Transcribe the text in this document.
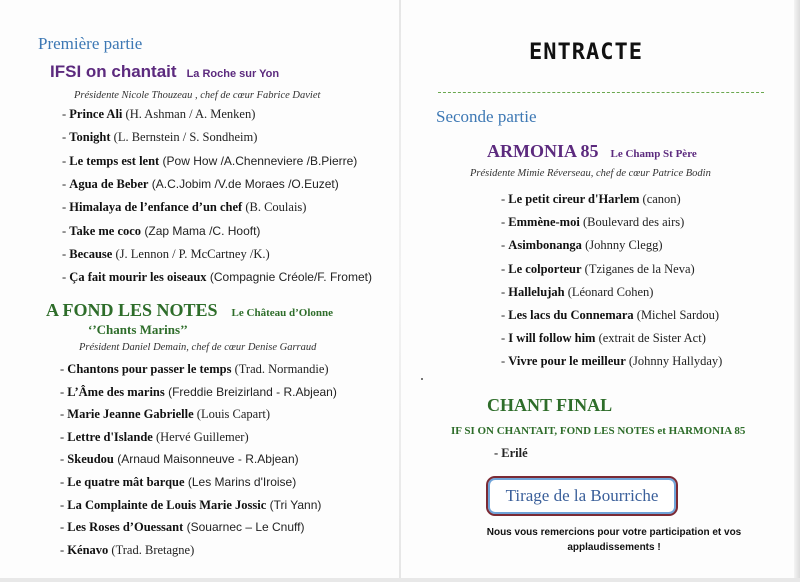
Première partie
IFSI on chantait La Roche sur Yon
Présidente Nicole Thouzeau , chef de cœur Fabrice Daviet
- Prince Ali (H. Ashman / A. Menken)
- Tonight (L. Bernstein / S. Sondheim)
- Le temps est lent (Pow How /A.Chenneviere /B.Pierre)
- Agua de Beber (A.C.Jobim /V.de Moraes /O.Euzet)
- Himalaya de l’enfance d’un chef (B. Coulais)
- Take me coco (Zap Mama /C. Hooft)
- Because (J. Lennon / P. McCartney /K.)
- Ça fait mourir les oiseaux (Compagnie Créole/F. Fromet)
A FOND LES NOTES Le Château d’Olonne
‘’Chants Marins’’
Président Daniel Demain, chef de cœur Denise Garraud
- Chantons pour passer le temps (Trad. Normandie)
- L’Âme des marins (Freddie Breizirland - R.Abjean)
- Marie Jeanne Gabrielle (Louis Capart)
- Lettre d'Islande (Hervé Guillemer)
- Skeudou (Arnaud Maisonneuve - R.Abjean)
- Le quatre mât barque (Les Marins d'Iroise)
- La Complainte de Louis Marie Jossic (Tri Yann)
- Les Roses d’Ouessant (Souarnec – Le Cnuff)
- Kénavo (Trad. Bretagne)
ENTRACTE
Seconde partie
ARMONIA 85 Le Champ St Père
Présidente Mimie Réverseau, chef de cœur Patrice Bodin
- Le petit cireur d'Harlem (canon)
- Emmène-moi (Boulevard des airs)
- Asimbonanga (Johnny Clegg)
- Le colporteur (Tziganes de la Neva)
- Hallelujah (Léonard Cohen)
- Les lacs du Connemara (Michel Sardou)
- I will follow him (extrait de Sister Act)
- Vivre pour le meilleur (Johnny Hallyday)
CHANT FINAL
IF SI ON CHANTAIT, FOND LES NOTES et HARMONIA 85
- Erilé
Tirage de la Bourriche
Nous vous remercions pour votre participation et vos
applaudissements !
